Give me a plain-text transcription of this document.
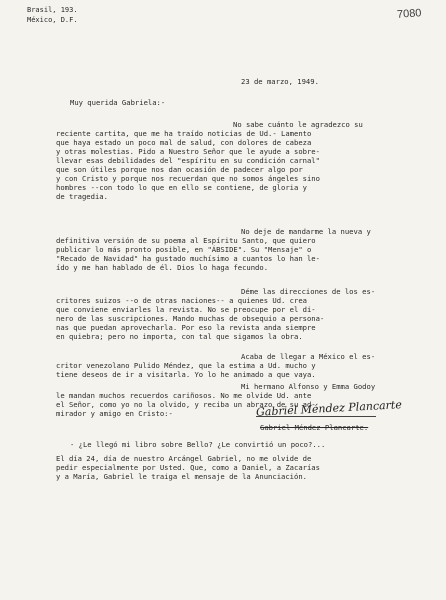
Brasil, 193.
México, D.F.	7080
23 de marzo, 1949.
Muy querida Gabriela:-
No sabe cuánto le agradezco su
reciente cartita, que me ha traído noticias de Ud.- Lamento
que haya estado un poco mal de salud, con dolores de cabeza
y otras molestias. Pido a Nuestro Señor que le ayude a sobre-
llevar esas debilidades del "espíritu en su condición carnal"
que son útiles porque nos dan ocasión de padecer algo por
y con Cristo y porque nos recuerdan que no somos ángeles sino
hombres --con todo lo que en ello se contiene, de gloria y
de tragedia.
No deje de mandarme la nueva y
definitiva versión de su poema al Espíritu Santo, que quiero
publicar lo más pronto posible, en "ÁBSIDE". Su "Mensaje" o
"Recado de Navidad" ha gustado muchísimo a cuantos lo han le-
ído y me han hablado de él. Dios lo haga fecundo.
Déme las direcciones de los es-
critores suizos --o de otras naciones-- a quienes Ud. crea
que conviene enviarles la revista. No se preocupe por el di-
nero de las suscripciones. Mando muchas de obsequio a persona-
nas que puedan aprovecharla. Por eso la revista anda siempre
en quiebra; pero no importa, con tal que sigamos la obra.
Acaba de llegar a México el es-
critor venezolano Pulido Méndez, que la estima a Ud. mucho y
tiene deseos de ir a visitarla. Yo lo he animado a que vaya.
Mi hermano Alfonso y Emma Godoy
le mandan muchos recuerdos cariñosos. No me olvide Ud. ante
el Señor, como yo no la olvido, y reciba un abrazo de su ad-
mirador y amigo en Cristo:-	Gabriel Méndez Plancarte
Gabriel Méndez Plancarte.
- ¿Le llegó mi libro sobre Bello? ¿Le convirtió un poco?...
El día 24, día de nuestro Arcángel Gabriel, no me olvide de
pedir especialmente por Usted. Que, como a Daniel, a Zacarías
y a María, Gabriel le traiga el mensaje de la Anunciación.
